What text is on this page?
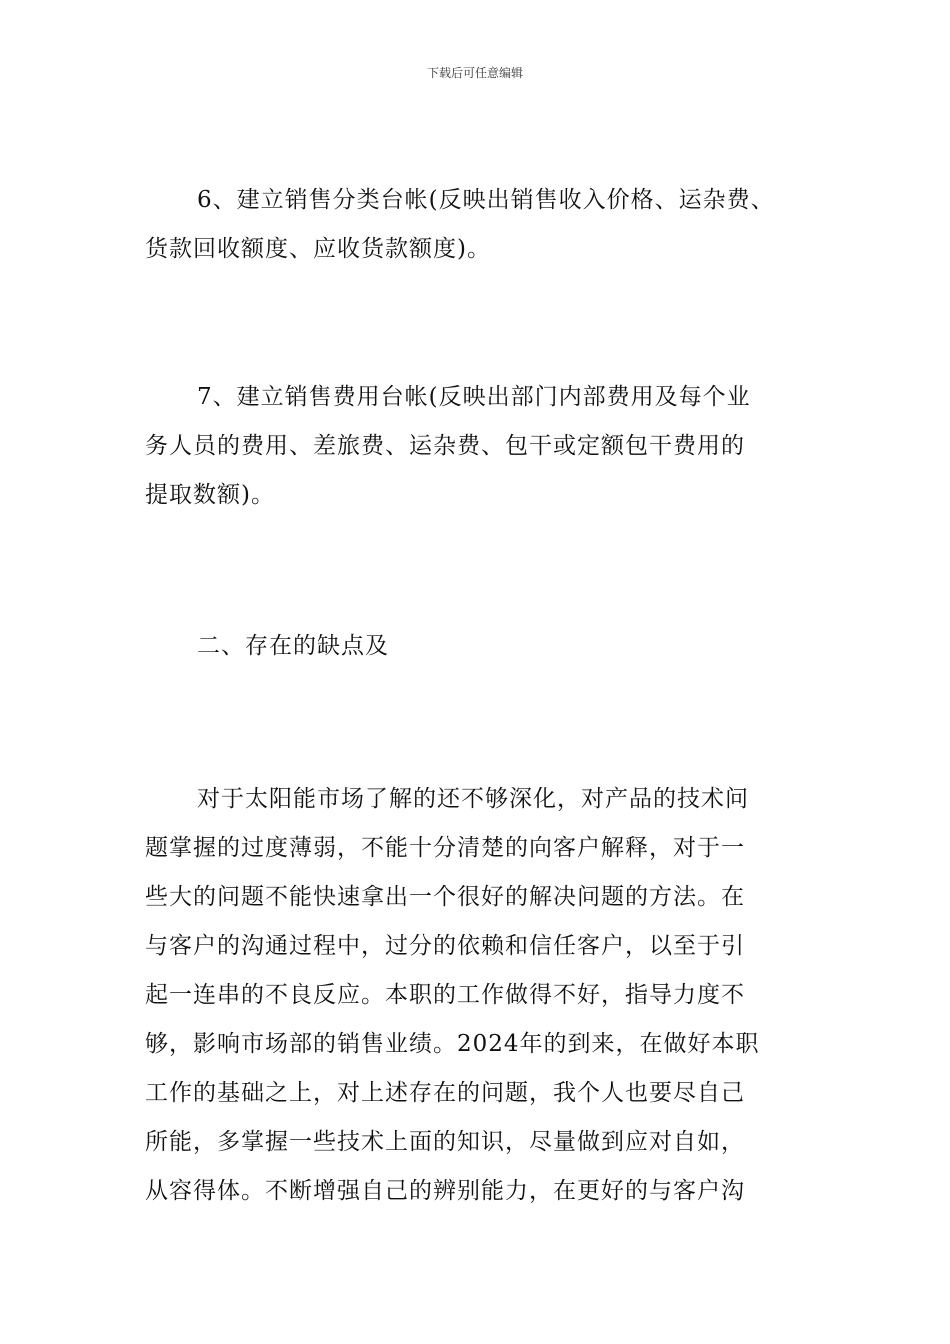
下载后可任意编辑
6、建立销售分类台帐(反映出销售收入价格、运杂费、
货款回收额度、应收货款额度)。
7、建立销售费用台帐(反映出部门内部费用及每个业
务人员的费用、差旅费、运杂费、包干或定额包干费用的
提取数额)。
二、存在的缺点及
对于太阳能市场了解的还不够深化，对产品的技术问
题掌握的过度薄弱，不能十分清楚的向客户解释，对于一
些大的问题不能快速拿出一个很好的解决问题的方法。在
与客户的沟通过程中，过分的依赖和信任客户，以至于引
起一连串的不良反应。本职的工作做得不好，指导力度不
够，影响市场部的销售业绩。2024年的到来，在做好本职
工作的基础之上，对上述存在的问题，我个人也要尽自己
所能，多掌握一些技术上面的知识，尽量做到应对自如，
从容得体。不断增强自己的辨别能力，在更好的与客户沟
